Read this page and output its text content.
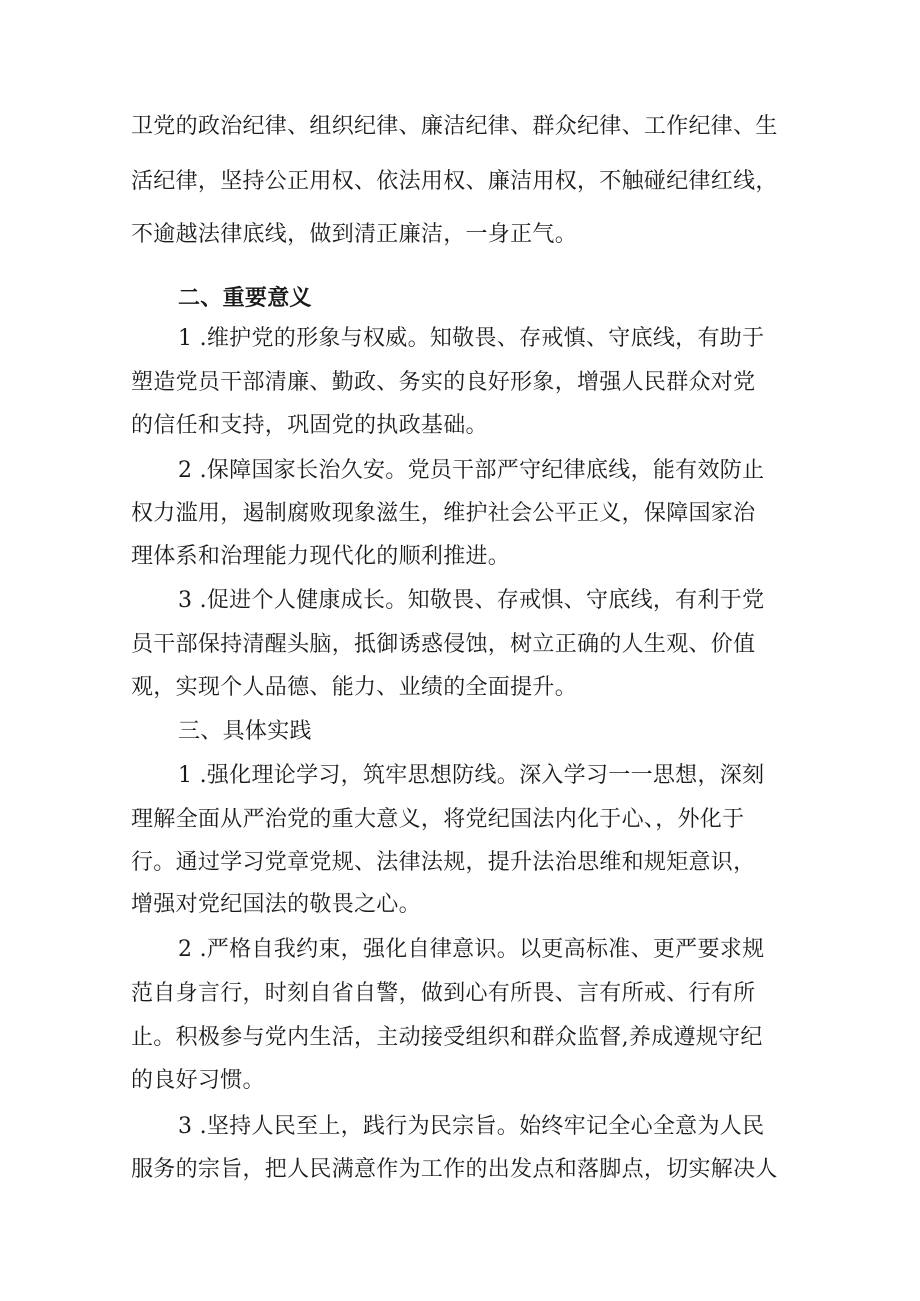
卫党的政治纪律、组织纪律、廉洁纪律、群众纪律、工作纪律、生
活纪律，坚持公正用权、依法用权、廉洁用权，不触碰纪律红线，
不逾越法律底线，做到清正廉洁，一身正气。
二、重要意义
1 .维护党的形象与权威。知敬畏、存戒慎、守底线，有助于
塑造党员干部清廉、勤政、务实的良好形象，增强人民群众对党
的信任和支持，巩固党的执政基础。
2 .保障国家长治久安。党员干部严守纪律底线，能有效防止
权力滥用，遏制腐败现象滋生，维护社会公平正义，保障国家治
理体系和治理能力现代化的顺利推进。
3 .促进个人健康成长。知敬畏、存戒惧、守底线，有利于党
员干部保持清醒头脑，抵御诱惑侵蚀，树立正确的人生观、价值
观，实现个人品德、能力、业绩的全面提升。
三、具体实践
1 .强化理论学习，筑牢思想防线。深入学习一一思想，深刻
理解全面从严治党的重大意义，将党纪国法内化于心、，外化于
行。通过学习党章党规、法律法规，提升法治思维和规矩意识，
增强对党纪国法的敬畏之心。
2 .严格自我约束，强化自律意识。以更高标准、更严要求规
范自身言行，时刻自省自警，做到心有所畏、言有所戒、行有所
止。积极参与党内生活，主动接受组织和群众监督,养成遵规守纪
的良好习惯。
3 .坚持人民至上，践行为民宗旨。始终牢记全心全意为人民
服务的宗旨，把人民满意作为工作的出发点和落脚点，切实解决人
